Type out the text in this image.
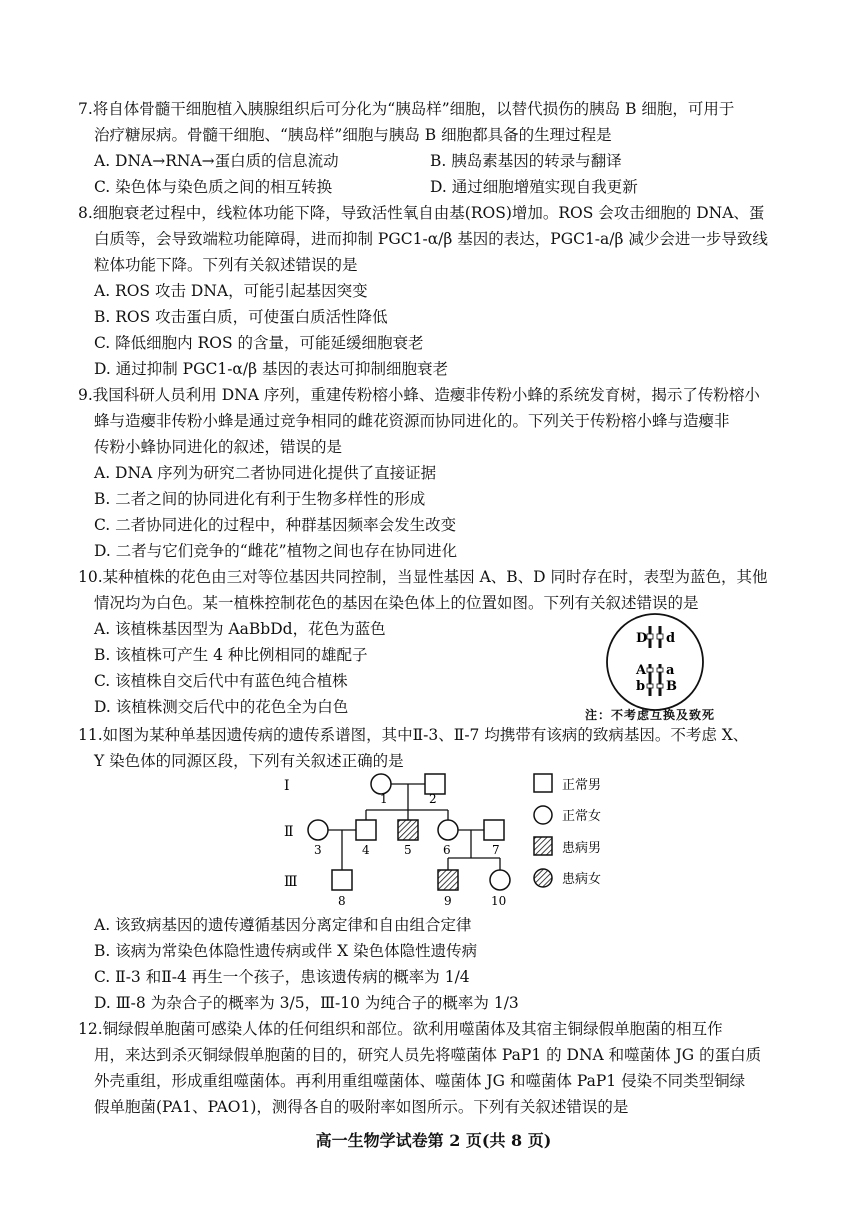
7.将自体骨髓干细胞植入胰腺组织后可分化为“胰岛样”细胞，以替代损伤的胰岛 B 细胞，可用于
治疗糖尿病。骨髓干细胞、“胰岛样”细胞与胰岛 B 细胞都具备的生理过程是
A. DNA→RNA→蛋白质的信息流动	B. 胰岛素基因的转录与翻译
C. 染色体与染色质之间的相互转换	D. 通过细胞增殖实现自我更新
8.细胞衰老过程中，线粒体功能下降，导致活性氧自由基(ROS)增加。ROS 会攻击细胞的 DNA、蛋
白质等，会导致端粒功能障碍，进而抑制 PGC1-α/β 基因的表达，PGC1-a/β 减少会进一步导致线
粒体功能下降。下列有关叙述错误的是
A. ROS 攻击 DNA，可能引起基因突变
B. ROS 攻击蛋白质，可使蛋白质活性降低
C. 降低细胞内 ROS 的含量，可能延缓细胞衰老
D. 通过抑制 PGC1-α/β 基因的表达可抑制细胞衰老
9.我国科研人员利用 DNA 序列，重建传粉榕小蜂、造瘿非传粉小蜂的系统发育树，揭示了传粉榕小
蜂与造瘿非传粉小蜂是通过竞争相同的雌花资源而协同进化的。下列关于传粉榕小蜂与造瘿非
传粉小蜂协同进化的叙述，错误的是
A. DNA 序列为研究二者协同进化提供了直接证据
B. 二者之间的协同进化有利于生物多样性的形成
C. 二者协同进化的过程中，种群基因频率会发生改变
D. 二者与它们竞争的“雌花”植物之间也存在协同进化
10.某种植株的花色由三对等位基因共同控制，当显性基因 A、B、D 同时存在时，表型为蓝色，其他
情况均为白色。某一植株控制花色的基因在染色体上的位置如图。下列有关叙述错误的是
A. 该植株基因型为 AaBbDd，花色为蓝色
B. 该植株可产生 4 种比例相同的雄配子
C. 该植株自交后代中有蓝色纯合植株
D. 该植株测交后代中的花色全为白色
D d
A
b
a
B
注：不考虑互换及致死
11.如图为某种单基因遗传病的遗传系谱图，其中Ⅱ-3、Ⅱ-7 均携带有该病的致病基因。不考虑 X、
Y 染色体的同源区段，下列有关叙述正确的是
Ⅰ
Ⅱ
Ⅲ
1	2
3	4	5	6	7
8	9	10
正常男
正常女
患病男
患病女
A. 该致病基因的遗传遵循基因分离定律和自由组合定律
B. 该病为常染色体隐性遗传病或伴 X 染色体隐性遗传病
C. Ⅱ-3 和Ⅱ-4 再生一个孩子，患该遗传病的概率为 1/4
D. Ⅲ-8 为杂合子的概率为 3/5，Ⅲ-10 为纯合子的概率为 1/3
12.铜绿假单胞菌可感染人体的任何组织和部位。欲利用噬菌体及其宿主铜绿假单胞菌的相互作
用，来达到杀灭铜绿假单胞菌的目的，研究人员先将噬菌体 PaP1 的 DNA 和噬菌体 JG 的蛋白质
外壳重组，形成重组噬菌体。再利用重组噬菌体、噬菌体 JG 和噬菌体 PaP1 侵染不同类型铜绿
假单胞菌(PA1、PAO1)，测得各自的吸附率如图所示。下列有关叙述错误的是
高一生物学试卷第 2 页(共 8 页)
